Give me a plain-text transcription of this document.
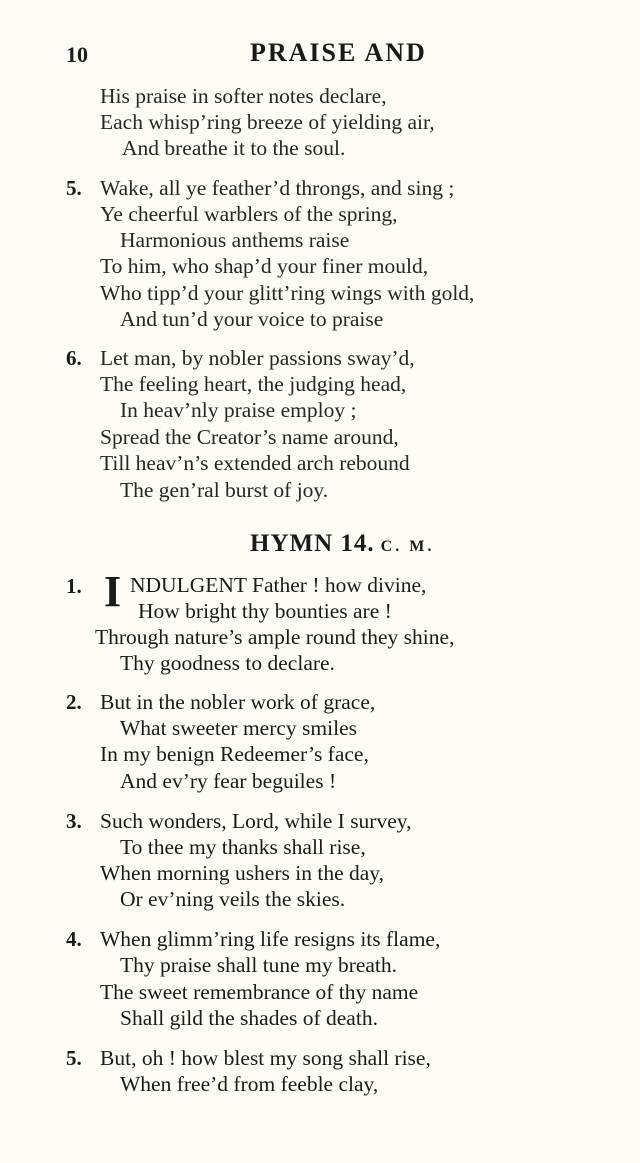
10	PRAISE AND
His praise in softer notes declare,
Each whisp’ring breeze of yielding air,
And breathe it to the soul.
5. Wake, all ye feather’d throngs, and sing ;
Ye cheerful warblers of the spring,
Harmonious anthems raise
To him, who shap’d your finer mould,
Who tipp’d your glitt’ring wings with gold,
And tun’d your voice to praise
6. Let man, by nobler passions sway’d,
The feeling heart, the judging head,
In heav’nly praise employ ;
Spread the Creator’s name around,
Till heav’n’s extended arch rebound
The gen’ral burst of joy.
HYMN 14. C. M.
1. I NDULGENT Father ! how divine,
How bright thy bounties are !
Through nature’s ample round they shine,
Thy goodness to declare.
2. But in the nobler work of grace,
What sweeter mercy smiles
In my benign Redeemer’s face,
And ev’ry fear beguiles !
3. Such wonders, Lord, while I survey,
To thee my thanks shall rise,
When morning ushers in the day,
Or ev’ning veils the skies.
4. When glimm’ring life resigns its flame,
Thy praise shall tune my breath.
The sweet remembrance of thy name
Shall gild the shades of death.
5. But, oh ! how blest my song shall rise,
When free’d from feeble clay,
